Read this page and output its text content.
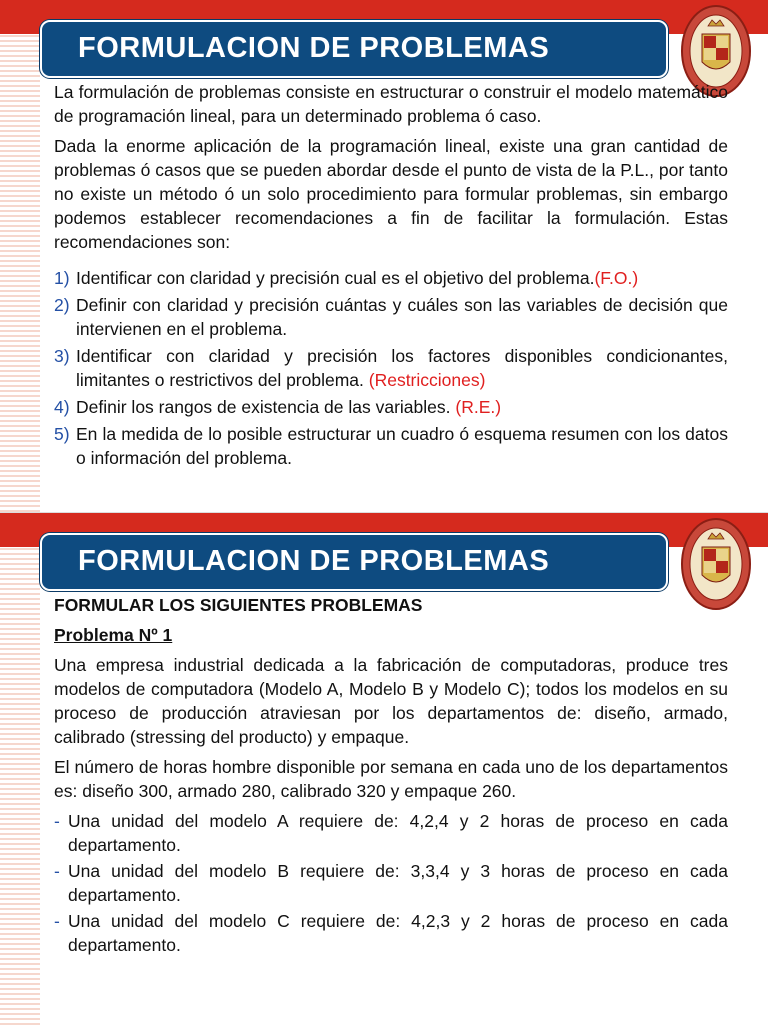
FORMULACION DE PROBLEMAS

La formulación de problemas consiste en estructurar o construir el modelo matemático de programación lineal, para un determinado problema ó caso.

Dada la enorme aplicación de la programación lineal, existe una gran cantidad de problemas ó casos que se pueden abordar desde el punto de vista de la P.L., por tanto no existe un método ó un solo procedimiento para formular problemas, sin embargo podemos establecer recomendaciones a fin de facilitar la formulación. Estas recomendaciones son:

1) Identificar con claridad y precisión cual es el objetivo del problema.(F.O.)
2) Definir con claridad y precisión cuántas y cuáles son las variables de decisión que intervienen en el problema.
3) Identificar con claridad y precisión los factores disponibles condicionantes, limitantes o restrictivos del problema. (Restricciones)
4) Definir los rangos de existencia de las variables. (R.E.)
5) En la medida de lo posible estructurar un cuadro ó esquema resumen con los datos o información del problema.
FORMULACION DE PROBLEMAS

FORMULAR LOS SIGUIENTES PROBLEMAS

Problema Nº 1

Una empresa industrial dedicada a la fabricación de computadoras, produce tres modelos de computadora (Modelo A, Modelo B y Modelo C); todos los modelos en su proceso de producción atraviesan por los departamentos de: diseño, armado, calibrado (stressing del producto) y empaque.

El número de horas hombre disponible por semana en cada uno de los departamentos es: diseño 300, armado 280, calibrado 320 y empaque 260.

- Una unidad del modelo A requiere de: 4,2,4 y 2 horas de proceso en cada departamento.
- Una unidad del modelo B requiere de: 3,3,4 y 3 horas de proceso en cada departamento.
- Una unidad del modelo C requiere de: 4,2,3 y 2 horas de proceso en cada departamento.
